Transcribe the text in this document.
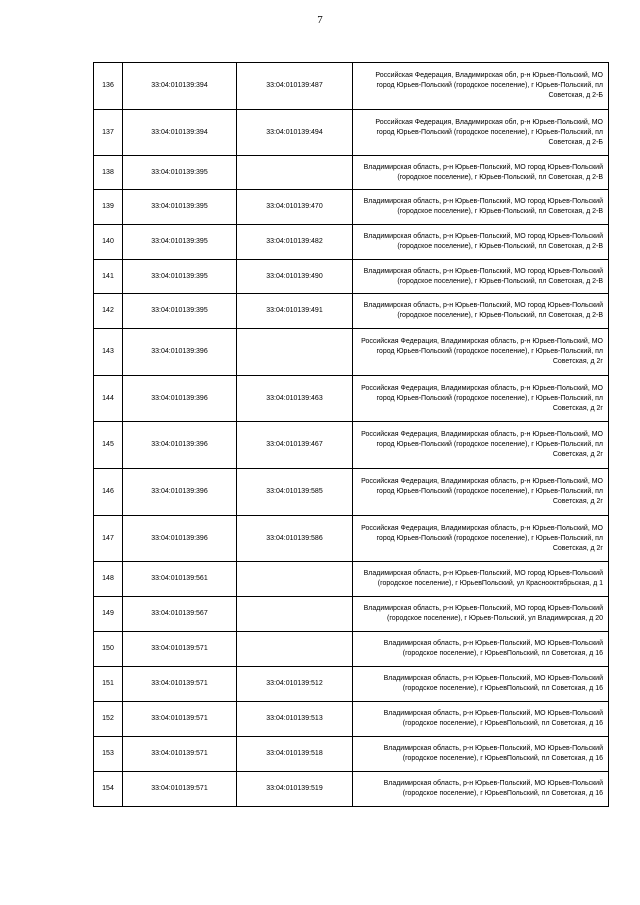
7
136	33:04:010139:394	33:04:010139:487	Российская Федерация, Владимирская обл, р-н Юрьев-Польский, МО город Юрьев-Польский (городское поселение), г Юрьев-Польский, пл Советская, д 2-Б
137	33:04:010139:394	33:04:010139:494	Российская Федерация, Владимирская обл, р-н Юрьев-Польский, МО город Юрьев-Польский (городское поселение), г Юрьев-Польский, пл Советская, д 2-Б
138	33:04:010139:395		Владимирская область, р-н Юрьев-Польский, МО город Юрьев-Польский (городское поселение), г Юрьев-Польский, пл Советская, д 2-В
139	33:04:010139:395	33:04:010139:470	Владимирская область, р-н Юрьев-Польский, МО город Юрьев-Польский (городское поселение), г Юрьев-Польский, пл Советская, д 2-В
140	33:04:010139:395	33:04:010139:482	Владимирская область, р-н Юрьев-Польский, МО город Юрьев-Польский (городское поселение), г Юрьев-Польский, пл Советская, д 2-В
141	33:04:010139:395	33:04:010139:490	Владимирская область, р-н Юрьев-Польский, МО город Юрьев-Польский (городское поселение), г Юрьев-Польский, пл Советская, д 2-В
142	33:04:010139:395	33:04:010139:491	Владимирская область, р-н Юрьев-Польский, МО город Юрьев-Польский (городское поселение), г Юрьев-Польский, пл Советская, д 2-В
143	33:04:010139:396		Российская Федерация, Владимирская область, р-н Юрьев-Польский, МО город Юрьев-Польский (городское поселение), г Юрьев-Польский, пл Советская, д 2г
144	33:04:010139:396	33:04:010139:463	Российская Федерация, Владимирская область, р-н Юрьев-Польский, МО город Юрьев-Польский (городское поселение), г Юрьев-Польский, пл Советская, д 2г
145	33:04:010139:396	33:04:010139:467	Российская Федерация, Владимирская область, р-н Юрьев-Польский, МО город Юрьев-Польский (городское поселение), г Юрьев-Польский, пл Советская, д 2г
146	33:04:010139:396	33:04:010139:585	Российская Федерация, Владимирская область, р-н Юрьев-Польский, МО город Юрьев-Польский (городское поселение), г Юрьев-Польский, пл Советская, д 2г
147	33:04:010139:396	33:04:010139:586	Российская Федерация, Владимирская область, р-н Юрьев-Польский, МО город Юрьев-Польский (городское поселение), г Юрьев-Польский, пл Советская, д 2г
148	33:04:010139:561		Владимирская область, р-н Юрьев-Польский, МО город Юрьев-Польский (городское поселение), г ЮрьевПольский, ул Краснооктябрьская, д 1
149	33:04:010139:567		Владимирская область, р-н Юрьев-Польский, МО город Юрьев-Польский (городское поселение), г Юрьев-Польский, ул Владимирская, д 20
150	33:04:010139:571		Владимирская область, р-н Юрьев-Польский, МО Юрьев-Польский (городское поселение), г ЮрьевПольский, пл Советская, д 16
151	33:04:010139:571	33:04:010139:512	Владимирская область, р-н Юрьев-Польский, МО Юрьев-Польский (городское поселение), г ЮрьевПольский, пл Советская, д 16
152	33:04:010139:571	33:04:010139:513	Владимирская область, р-н Юрьев-Польский, МО Юрьев-Польский (городское поселение), г ЮрьевПольский, пл Советская, д 16
153	33:04:010139:571	33:04:010139:518	Владимирская область, р-н Юрьев-Польский, МО Юрьев-Польский (городское поселение), г ЮрьевПольский, пл Советская, д 16
154	33:04:010139:571	33:04:010139:519	Владимирская область, р-н Юрьев-Польский, МО Юрьев-Польский (городское поселение), г ЮрьевПольский, пл Советская, д 16
